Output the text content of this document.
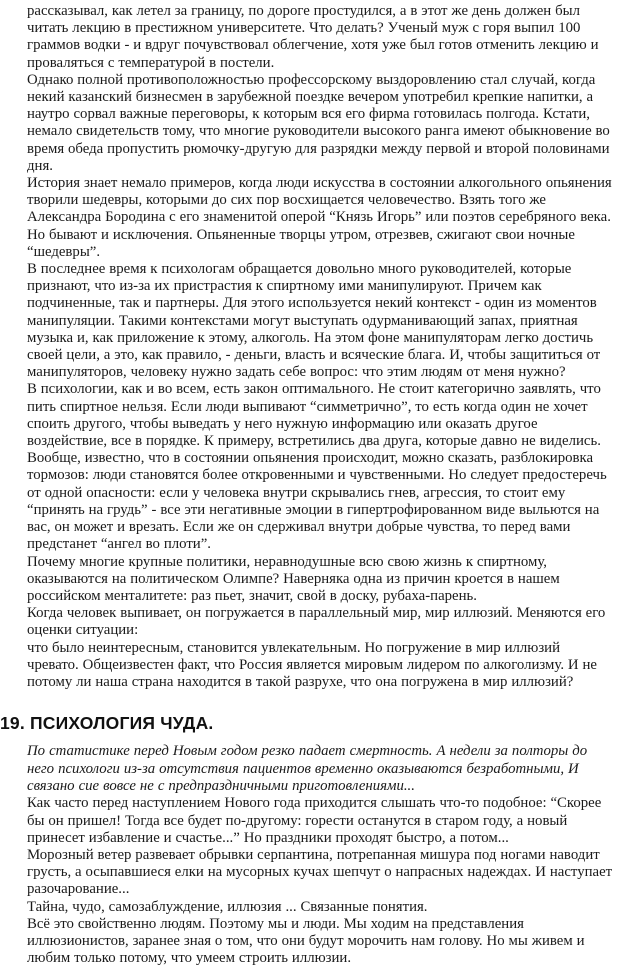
рассказывал, как летел за границу, по дороге простудился, а в этот же день должен был читать лекцию в престижном университете. Что делать? Ученый муж с горя выпил 100 граммов водки - и вдруг почувствовал облегчение, хотя уже был готов отменить лекцию и проваляться с температурой в постели.

Однако полной противоположностью профессорскому выздоровлению стал случай, когда некий казанский бизнесмен в зарубежной поездке вечером употребил крепкие напитки, а наутро сорвал важные переговоры, к которым вся его фирма готовилась полгода. Кстати, немало свидетельств тому, что многие руководители высокого ранга имеют обыкновение во время обеда пропустить рюмочку-другую для разрядки между первой и второй половинами дня.

История знает немало примеров, когда люди искусства в состоянии алкогольного опьянения творили шедевры, которыми до сих пор восхищается человечество. Взять того же Александра Бородина с его знаменитой оперой “Князь Игорь” или поэтов серебряного века. Но бывают и исключения. Опьяненные творцы утром, отрезвев, сжигают свои ночные “шедевры”.

В последнее время к психологам обращается довольно много руководителей, которые признают, что из-за их пристрастия к спиртному ими манипулируют. Причем как подчиненные, так и партнеры. Для этого используется некий контекст - один из моментов манипуляции. Такими контекстами могут выступать одурманивающий запах, приятная музыка и, как приложение к этому, алкоголь. На этом фоне манипуляторам легко достичь своей цели, а это, как правило, - деньги, власть и всяческие блага. И, чтобы защититься от манипуляторов, человеку нужно задать себе вопрос: что этим людям от меня нужно?

В психологии, как и во всем, есть закон оптимального. Не стоит категорично заявлять, что пить спиртное нельзя. Если люди выпивают “симметрично”, то есть когда один не хочет споить другого, чтобы выведать у него нужную информацию или оказать другое воздействие, все в порядке. К примеру, встретились два друга, которые давно не виделись. Вообще, известно, что в состоянии опьянения происходит, можно сказать, разблокировка тормозов: люди становятся более откровенными и чувственными. Но следует предостеречь от одной опасности: если у человека внутри скрывались гнев, агрессия, то стоит ему “принять на грудь” - все эти негативные эмоции в гипертрофированном виде выльются на вас, он может и врезать. Если же он сдерживал внутри добрые чувства, то перед вами предстанет “ангел во плоти”.

Почему многие крупные политики, неравнодушные всю свою жизнь к спиртному, оказываются на политическом Олимпе? Наверняка одна из причин кроется в нашем российском менталитете: раз пьет, значит, свой в доску, рубаха-парень.

Когда человек выпивает, он погружается в параллельный мир, мир иллюзий. Меняются его оценки ситуации:

что было неинтересным, становится увлекательным. Но погружение в мир иллюзий чревато. Общеизвестен факт, что Россия является мировым лидером по алкоголизму. И не потому ли наша страна находится в такой разрухе, что она погружена в мир иллюзий?

19. ПСИХОЛОГИЯ ЧУДА.

По статистике перед Новым годом резко падает смертность. А недели за полторы до него психологи из-за отсутствия пациентов временно оказываются безработными, И связано сие вовсе не с предпраздничными приготовлениями...

Как часто перед наступлением Нового года приходится слышать что-то подобное: “Скорее бы он пришел! Тогда все будет по-другому: горести останутся в старом году, а новый принесет избавление и счастье...” Но праздники проходят быстро, а потом...

Морозный ветер развевает обрывки серпантина, потрепанная мишура под ногами наводит грусть, а осыпавшиеся елки на мусорных кучах шепчут о напрасных надеждах. И наступает разочарование...

Тайна, чудо, самозаблуждение, иллюзия ... Связанные понятия.

Всё это свойственно людям. Поэтому мы и люди. Мы ходим на представления иллюзионистов, заранее зная о том, что они будут морочить нам голову. Но мы живем и любим только потому, что умеем строить иллюзии.
